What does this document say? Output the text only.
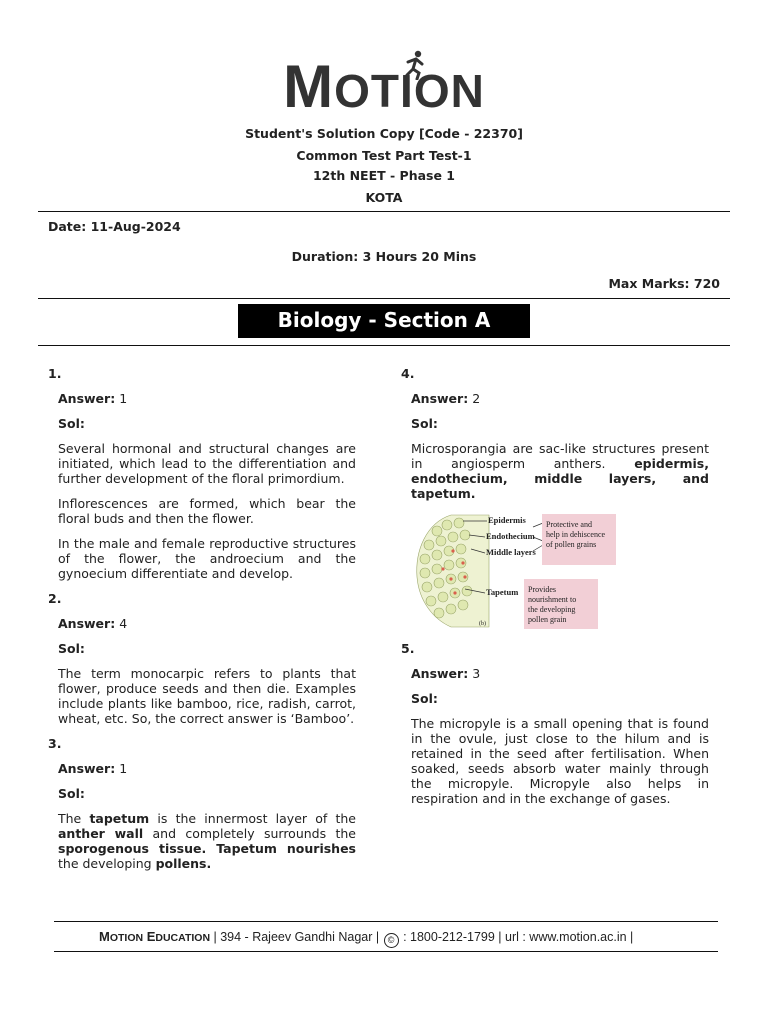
MOTION
Student's Solution Copy [Code - 22370]
Common Test Part Test-1
12th NEET - Phase 1
KOTA
Date: 11-Aug-2024
Duration: 3 Hours 20 Mins
Max Marks: 720
Biology - Section A
1.
Answer: 1
Sol:
Several hormonal and structural changes are initiated, which lead to the differentiation and further development of the floral primordium.
Inflorescences are formed, which bear the floral buds and then the flower.
In the male and female reproductive structures of the flower, the androecium and the gynoecium differentiate and develop.
2.
Answer: 4
Sol:
The term monocarpic refers to plants that flower, produce seeds and then die. Examples include plants like bamboo, rice, radish, carrot, wheat, etc. So, the correct answer is ‘Bamboo’.
3.
Answer: 1
Sol:
The tapetum is the innermost layer of the anther wall and completely surrounds the sporogenous tissue. Tapetum nourishes the developing pollens.
4.
Answer: 2
Sol:
Microsporangia are sac-like structures present in angiosperm anthers. epidermis, endothecium, middle layers, and tapetum.
Epidermis
Endothecium
Middle layers
Tapetum
Protective and
help in dehiscence
of pollen grains
Provides
nourishment to
the developing
pollen grain
(b)
5.
Answer: 3
Sol:
The micropyle is a small opening that is found in the ovule, just close to the hilum and is retained in the seed after fertilisation. When soaked, seeds absorb water mainly through the micropyle. Micropyle also helps in respiration and in the exchange of gases.
MOTION EDUCATION | 394 - Rajeev Gandhi Nagar | © : 1800-212-1799 | url : www.motion.ac.in |
